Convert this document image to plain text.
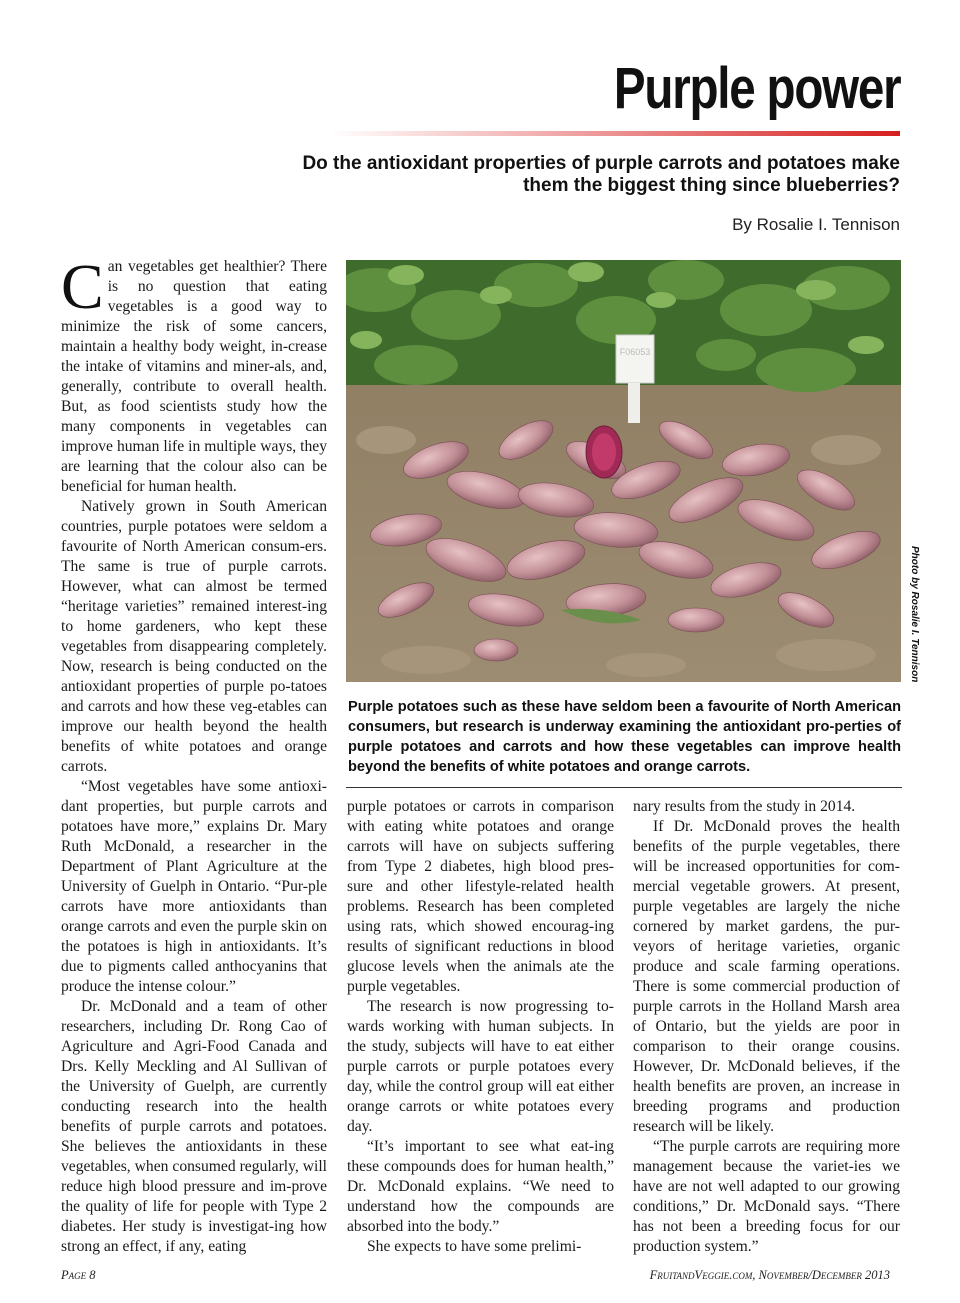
Purple power
Do the antioxidant properties of purple carrots and potatoes make them the biggest thing since blueberries?
By Rosalie I. Tennison
F06053
Photo by Rosalie I. Tennison
Purple potatoes such as these have seldom been a favourite of North American consumers, but research is underway examining the antioxidant pro-perties of purple potatoes and carrots and how these vegetables can improve health beyond the benefits of white potatoes and orange carrots.

Can vegetables get healthier? There is no question that eating vegetables is a good way to minimize the risk of some cancers, maintain a healthy body weight, in-crease the intake of vitamins and miner-als, and, generally, contribute to overall health. But, as food scientists study how the many components in vegetables can improve human life in multiple ways, they are learning that the colour also can be beneficial for human health.

Natively grown in South American countries, purple potatoes were seldom a favourite of North American consum-ers. The same is true of purple carrots. However, what can almost be termed “heritage varieties” remained interest-ing to home gardeners, who kept these vegetables from disappearing completely. Now, research is being conducted on the antioxidant properties of purple po-tatoes and carrots and how these veg-etables can improve our health beyond the health benefits of white potatoes and orange carrots.

“Most vegetables have some antioxi-dant properties, but purple carrots and potatoes have more,” explains Dr. Mary Ruth McDonald, a researcher in the Department of Plant Agriculture at the University of Guelph in Ontario. “Pur-ple carrots have more antioxidants than orange carrots and even the purple skin on the potatoes is high in antioxidants. It’s due to pigments called anthocyanins that produce the intense colour.”

Dr. McDonald and a team of other researchers, including Dr. Rong Cao of Agriculture and Agri-Food Canada and Drs. Kelly Meckling and Al Sullivan of the University of Guelph, are currently conducting research into the health benefits of purple carrots and potatoes. She believes the antioxidants in these vegetables, when consumed regularly, will reduce high blood pressure and im-prove the quality of life for people with Type 2 diabetes. Her study is investigat-ing how strong an effect, if any, eating

purple potatoes or carrots in comparison with eating white potatoes and orange carrots will have on subjects suffering from Type 2 diabetes, high blood pres-sure and other lifestyle-related health problems. Research has been completed using rats, which showed encourag-ing results of significant reductions in blood glucose levels when the animals ate the purple vegetables.

The research is now progressing to-wards working with human subjects. In the study, subjects will have to eat either purple carrots or purple potatoes every day, while the control group will eat either orange carrots or white potatoes every day.

“It’s important to see what eat-ing these compounds does for human health,” Dr. McDonald explains. “We need to understand how the compounds are absorbed into the body.”

She expects to have some prelimi-

nary results from the study in 2014.

If Dr. McDonald proves the health benefits of the purple vegetables, there will be increased opportunities for com-mercial vegetable growers. At present, purple vegetables are largely the niche cornered by market gardens, the pur-veyors of heritage varieties, organic produce and scale farming operations. There is some commercial production of purple carrots in the Holland Marsh area of Ontario, but the yields are poor in comparison to their orange cousins. However, Dr. McDonald believes, if the health benefits are proven, an increase in breeding programs and production research will be likely.

“The purple carrots are requiring more management because the variet-ies we have are not well adapted to our growing conditions,” Dr. McDonald says. “There has not been a breeding focus for our production system.”

Page 8	FruitandVeggie.com, November/December 2013
